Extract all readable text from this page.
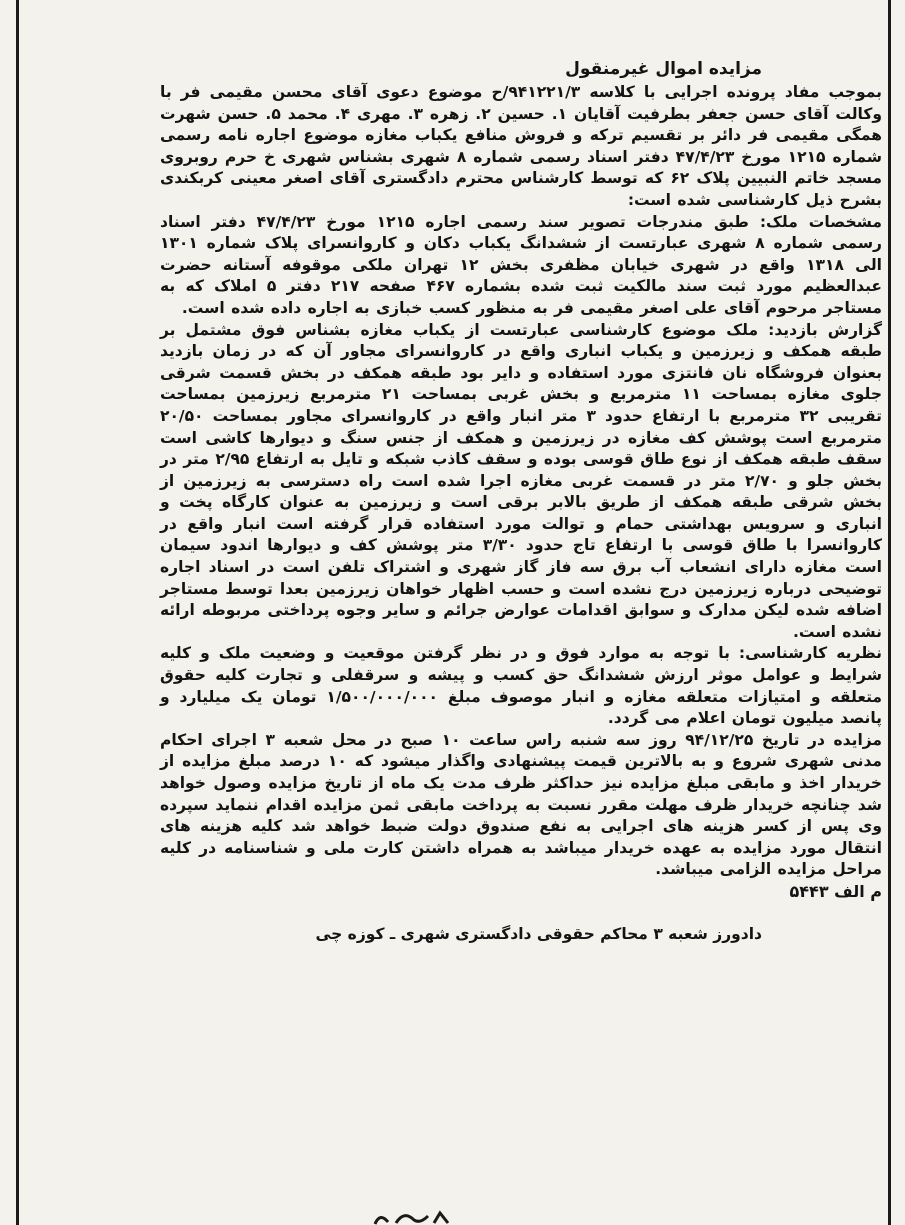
مزایده اموال غیرمنقول

بموجب مفاد پرونده اجرایی با کلاسه ۹۴۱۲۲۱/۳/ح موضوع دعوی آقای محسن مقیمی فر با وکالت آقای حسن جعفر بطرفیت آقایان ۱. حسین ۲. زهره ۳. مهری ۴. محمد ۵. حسن شهرت همگی مقیمی فر دائر بر تقسیم ترکه و فروش منافع یکباب مغازه موضوع اجاره نامه رسمی شماره ۱۲۱۵ مورخ ۴۷/۴/۲۳ دفتر اسناد رسمی شماره ۸ شهری بشناس شهری خ حرم روبروی مسجد خاتم النبیین پلاک ۶۲ که توسط کارشناس محترم دادگستری آقای اصغر معینی کربکندی بشرح ذیل کارشناسی شده است:

مشخصات ملک: طبق مندرجات تصویر سند رسمی اجاره ۱۲۱۵ مورخ ۴۷/۴/۲۳ دفتر اسناد رسمی شماره ۸ شهری عبارتست از ششدانگ یکباب دکان و کاروانسرای پلاک شماره ۱۳۰۱ الی ۱۳۱۸ واقع در شهری خیابان مظفری بخش ۱۲ تهران ملکی موقوفه آستانه حضرت عبدالعظیم مورد ثبت سند مالکیت ثبت شده بشماره ۴۶۷ صفحه ۲۱۷ دفتر ۵ املاک که به مستاجر مرحوم آقای علی اصغر مقیمی فر به منظور کسب خبازی به اجاره داده شده است.

گزارش بازدید: ملک موضوع کارشناسی عبارتست از یکباب مغازه بشناس فوق مشتمل بر طبقه همکف و زیرزمین و یکباب انباری واقع در کاروانسرای مجاور آن که در زمان بازدید بعنوان فروشگاه نان فانتزی مورد استفاده و دایر بود طبقه همکف در بخش قسمت شرقی جلوی مغازه بمساحت ۱۱ مترمربع و بخش غربی بمساحت ۲۱ مترمربع زیرزمین بمساحت تقریبی ۳۲ مترمربع با ارتفاع حدود ۳ متر انبار واقع در کاروانسرای مجاور بمساحت ۲۰/۵۰ مترمربع است پوشش کف مغازه در زیرزمین و همکف از جنس سنگ و دیوارها کاشی است سقف طبقه همکف از نوع طاق قوسی بوده و سقف کاذب شبکه و تایل به ارتفاع ۲/۹۵ متر در بخش جلو و ۲/۷۰ متر در قسمت غربی مغازه اجرا شده است راه دسترسی به زیرزمین از بخش شرقی طبقه همکف از طریق بالابر برقی است و زیرزمین به عنوان کارگاه پخت و انباری و سرویس بهداشتی حمام و توالت مورد استفاده قرار گرفته است انبار واقع در کاروانسرا با طاق قوسی با ارتفاع تاج حدود ۳/۳۰ متر پوشش کف و دیوارها اندود سیمان است مغازه دارای انشعاب آب برق سه فاز گاز شهری و اشتراک تلفن است در اسناد اجاره توضیحی درباره زیرزمین درج نشده است و حسب اظهار خواهان زیرزمین بعدا توسط مستاجر اضافه شده لیکن مدارک و سوابق اقدامات عوارض جرائم و سایر وجوه پرداختی مربوطه ارائه نشده است.

نظریه کارشناسی: با توجه به موارد فوق و در نظر گرفتن موقعیت و وضعیت ملک و کلیه شرایط و عوامل موثر ارزش ششدانگ حق کسب و پیشه و سرقفلی و تجارت کلیه حقوق متعلقه و امتیازات متعلقه مغازه و انبار موصوف مبلغ ۱/۵۰۰/۰۰۰/۰۰۰ تومان یک میلیارد و پانصد میلیون تومان اعلام می گردد.

مزایده در تاریخ ۹۴/۱۲/۲۵ روز سه شنبه راس ساعت ۱۰ صبح در محل شعبه ۳ اجرای احکام مدنی شهری شروع و به بالاترین قیمت پیشنهادی واگذار میشود که ۱۰ درصد مبلغ مزایده از خریدار اخذ و مابقی مبلغ مزایده نیز حداکثر ظرف مدت یک ماه از تاریخ مزایده وصول خواهد شد چنانچه خریدار ظرف مهلت مقرر نسبت به پرداخت مابقی ثمن مزایده اقدام ننماید سپرده وی پس از کسر هزینه های اجرایی به نفع صندوق دولت ضبط خواهد شد کلیه هزینه های انتقال مورد مزایده به عهده خریدار میباشد به همراه داشتن کارت ملی و شناسنامه در کلیه مراحل مزایده الزامی میباشد.

م الف ۵۴۴۳
دادورز شعبه ۳ محاکم حقوقی دادگستری شهری ـ کوزه چی
